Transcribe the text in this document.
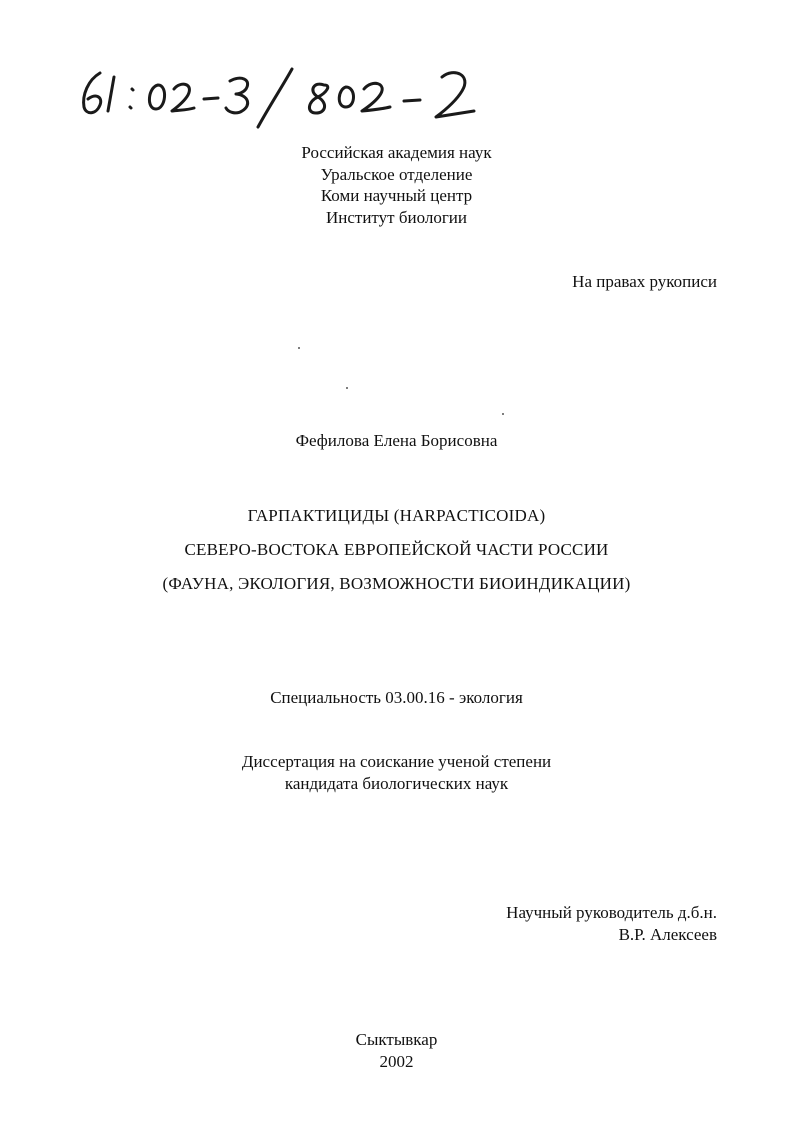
Российская академия наук
Уральское отделение
Коми научный центр
Институт биологии
На правах рукописи
Фефилова Елена Борисовна
ГАРПАКТИЦИДЫ (HARPACTICOIDA)
СЕВЕРО-ВОСТОКА ЕВРОПЕЙСКОЙ ЧАСТИ РОССИИ
(ФАУНА, ЭКОЛОГИЯ, ВОЗМОЖНОСТИ БИОИНДИКАЦИИ)
Специальность 03.00.16 - экология
Диссертация на соискание ученой степени
кандидата биологических наук
Научный руководитель д.б.н.
В.Р. Алексеев
Сыктывкар
2002
